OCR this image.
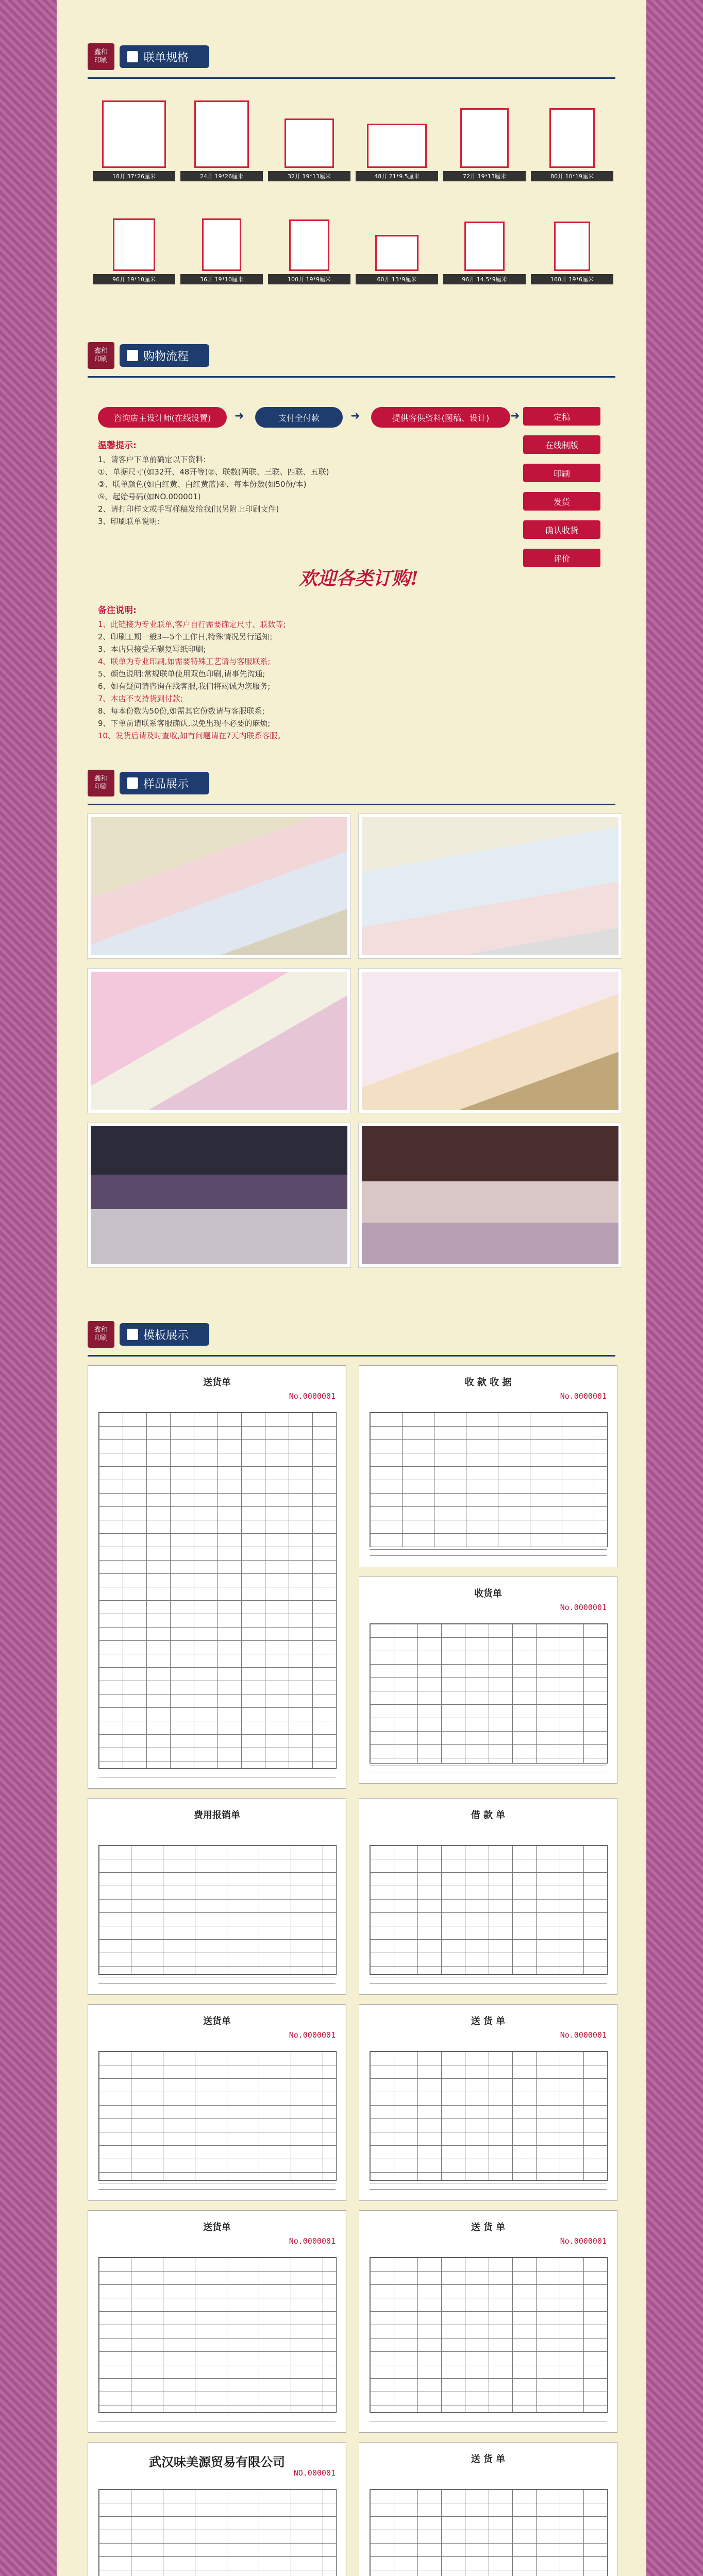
鑫和
印刷	联单规格
18开 37*26厘米	24开 19*26厘米	32开 19*13厘米	48开 21*9.5厘米	72开 19*13厘米	80开 10*19厘米
96开 19*10厘米	36开 19*10厘米	100开 19*9厘米	60开 13*9厘米	96开 14.5*9厘米	160开 19*6厘米
鑫和
印刷	购物流程
咨询店主设计师(在线设置)	➜	支付全付款	➜	提供客供资料(图稿、设计)	➜	定稿
在线制版
印刷
发货
确认收货
评价
温馨提示:
1、请客户下单前确定以下资料:
①、单据尺寸(如32开、48开等)②、联数(两联、三联、四联、五联)
③、联单颜色(如白红黄、白红黄蓝)④、每本份数(如50份/本)
⑤、起始号码(如NO.000001)
2、请打印样文或手写样稿发给我们(另附上印刷文件)
3、印刷联单说明:
欢迎各类订购!
备注说明:
1、此链接为专业联单,客户自行需要确定尺寸、联数等;
2、印刷工期一般3—5个工作日,特殊情况另行通知;
3、本店只接受无碳复写纸印刷;
4、联单为专业印刷,如需要特殊工艺请与客服联系;
5、颜色说明:常规联单使用双色印刷,请事先沟通;
6、如有疑问请咨询在线客服,我们将竭诚为您服务;
7、本店不支持货到付款;
8、每本份数为50份,如需其它份数请与客服联系;
9、下单前请联系客服确认,以免出现不必要的麻烦;
10、发货后请及时查收,如有问题请在7天内联系客服。
鑫和
印刷	样品展示
鑫和
印刷	模板展示
送货单
No.0000001
收 款 收 据
No.0000001
收货单
No.0000001
费用报销单	借 款 单
送货单
No.0000001
送 货 单
No.0000001
送货单
No.0000001
送 货 单
No.0000001
武汉味美源贸易有限公司
NO.000001
送 货 单
